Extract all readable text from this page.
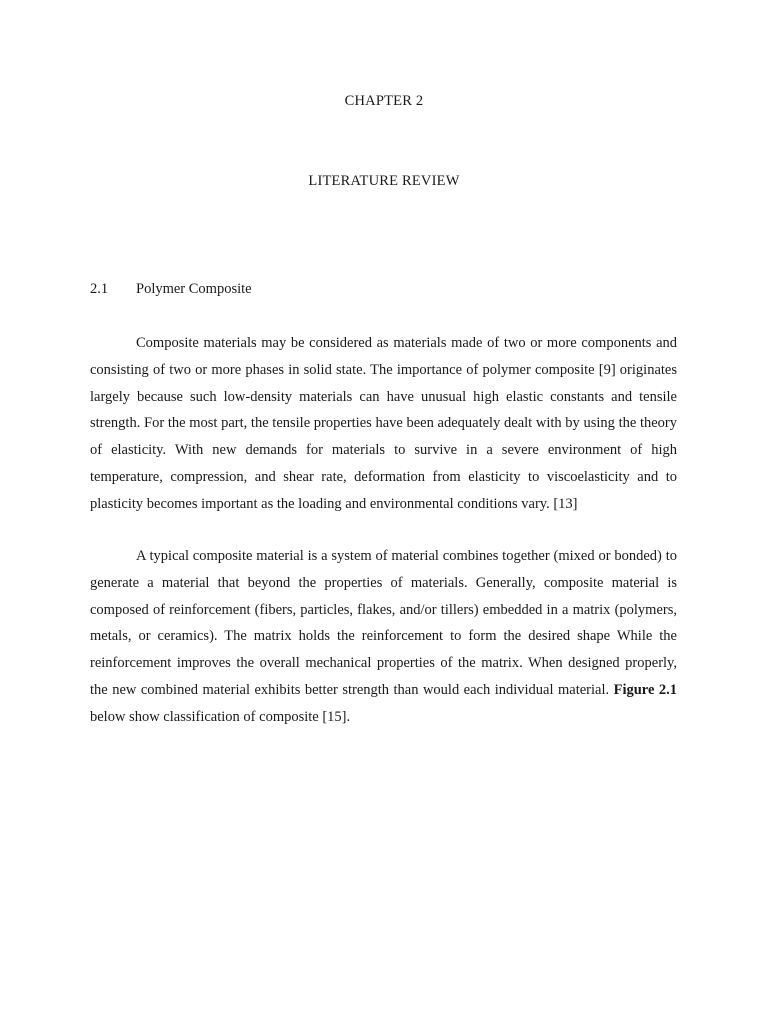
CHAPTER 2
LITERATURE REVIEW
2.1 Polymer Composite

Composite materials may be considered as materials made of two or more components and consisting of two or more phases in solid state. The importance of polymer composite [9] originates largely because such low-density materials can have unusual high elastic constants and tensile strength. For the most part, the tensile properties have been adequately dealt with by using the theory of elasticity. With new demands for materials to survive in a severe environment of high temperature, compression, and shear rate, deformation from elasticity to viscoelasticity and to plasticity becomes important as the loading and environmental conditions vary. [13]

A typical composite material is a system of material combines together (mixed or bonded) to generate a material that beyond the properties of materials. Generally, composite material is composed of reinforcement (fibers, particles, flakes, and/or tillers) embedded in a matrix (polymers, metals, or ceramics). The matrix holds the reinforcement to form the desired shape While the reinforcement improves the overall mechanical properties of the matrix. When designed properly, the new combined material exhibits better strength than would each individual material. Figure 2.1 below show classification of composite [15].
